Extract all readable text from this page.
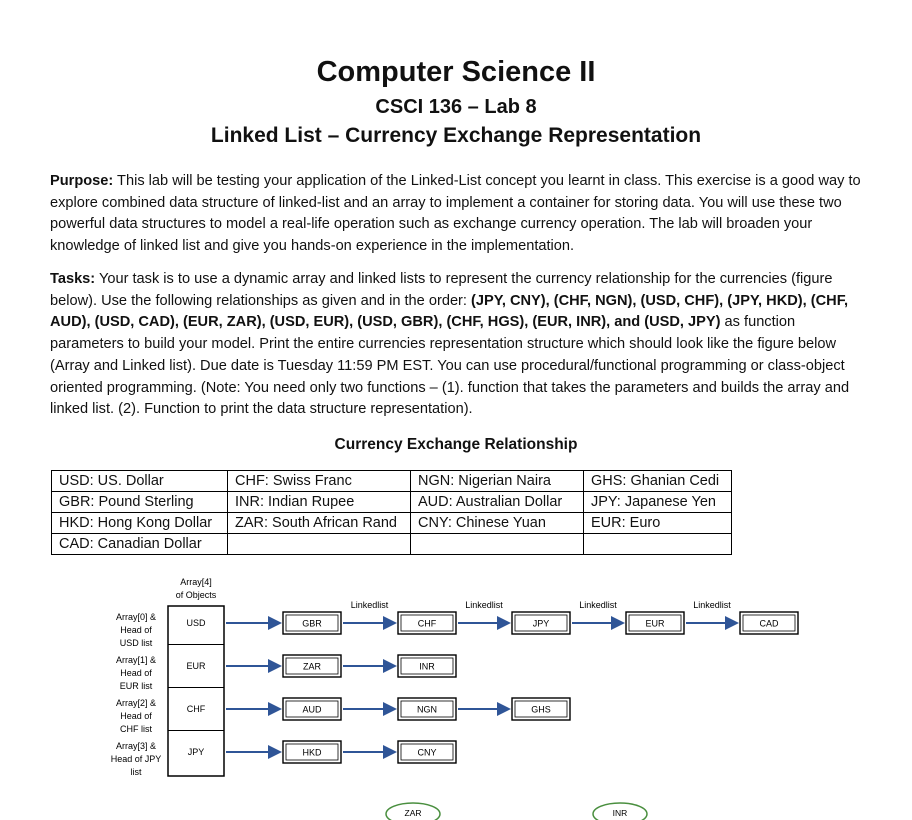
Computer Science II
CSCI 136 – Lab 8
Linked List – Currency Exchange Representation

Purpose: This lab will be testing your application of the Linked-List concept you learnt in class. This exercise is a good way to explore combined data structure of linked-list and an array to implement a container for storing data. You will use these two powerful data structures to model a real-life operation such as exchange currency operation. The lab will broaden your knowledge of linked list and give you hands-on experience in the implementation.

Tasks: Your task is to use a dynamic array and linked lists to represent the currency relationship for the currencies (figure below). Use the following relationships as given and in the order: (JPY, CNY), (CHF, NGN), (USD, CHF), (JPY, HKD), (CHF, AUD), (USD, CAD), (EUR, ZAR), (USD, EUR), (USD, GBR), (CHF, HGS), (EUR, INR), and (USD, JPY) as function parameters to build your model. Print the entire currencies representation structure which should look like the figure below (Array and Linked list). Due date is Tuesday 11:59 PM EST. You can use procedural/functional programming or class-object oriented programming. (Note: You need only two functions – (1). function that takes the parameters and builds the array and linked list. (2). Function to print the data structure representation).

Currency Exchange Relationship
USD: US. Dollar	CHF: Swiss Franc	NGN: Nigerian Naira	GHS: Ghanian Cedi
GBR: Pound Sterling	INR: Indian Rupee	AUD: Australian Dollar	JPY: Japanese Yen
HKD: Hong Kong Dollar	ZAR: South African Rand	CNY: Chinese Yuan	EUR: Euro
CAD: Canadian Dollar			
Array[4]
of Objects
Array[0] &
Head of
USD list
USD	GBR
Linkedlist
CHF
Linkedlist
JPY
Linkedlist
EUR
Linkedlist
CAD
Array[1] &
Head of
EUR list
EUR	ZAR	INR
Array[2] &
Head of
CHF list
CHF	AUD	NGN	GHS
Array[3] &
Head of JPY
list
JPY	HKD	CNY
ZAR	INR
